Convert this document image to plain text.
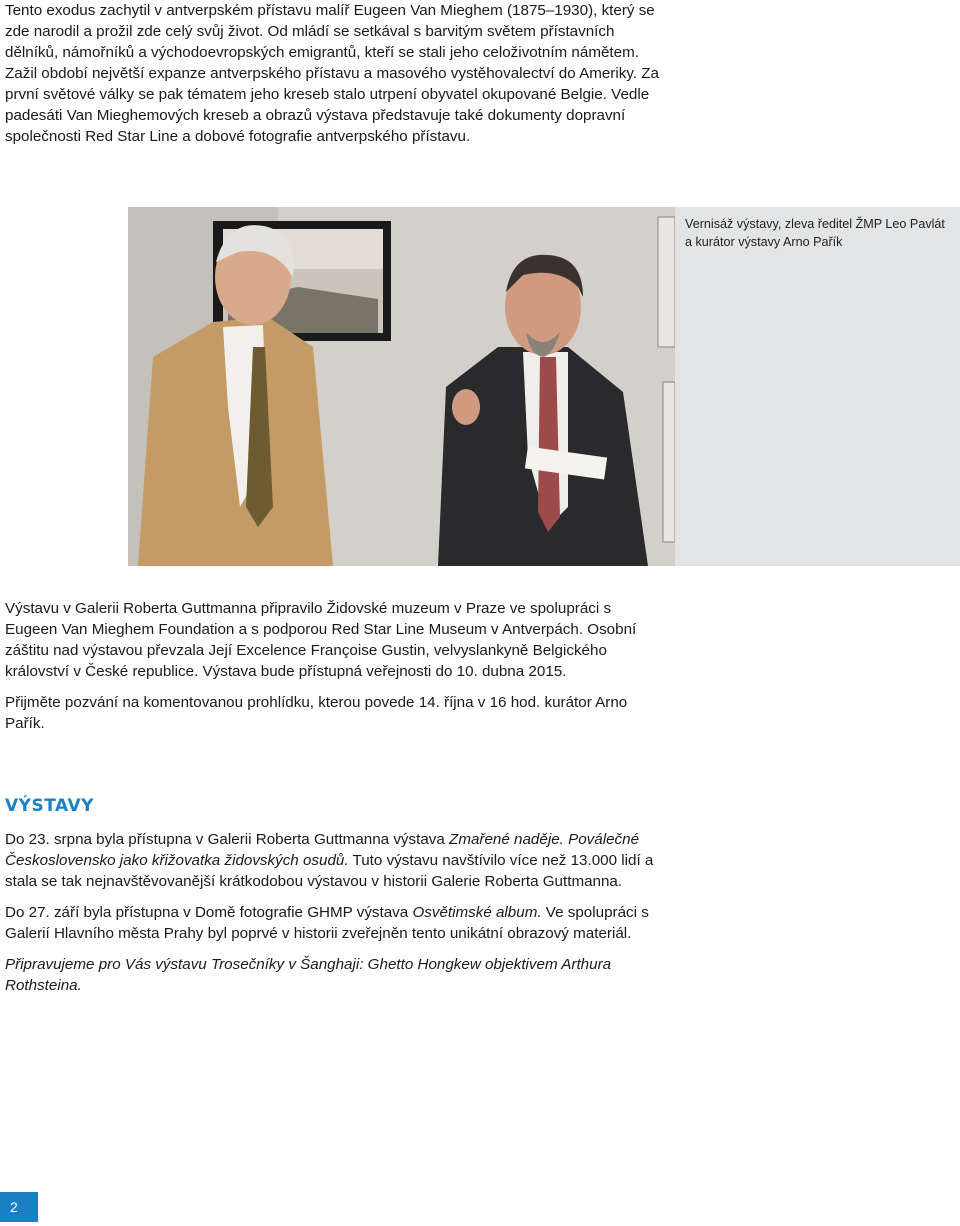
Tento exodus zachytil v antverpském přístavu malíř Eugeen Van Mieghem (1875–1930), který se zde narodil a prožil zde celý svůj život. Od mládí se setkával s barvitým světem přístavních dělníků, námořníků a východoevropských emigrantů, kteří se stali jeho celoživotním námětem. Zažil období největší expanze antverpského přístavu a masového vystěhovalectví do Ameriky. Za první světové války se pak tématem jeho kreseb stalo utrpení obyvatel okupované Belgie. Vedle padesáti Van Mieghemových kreseb a obrazů výstava představuje také dokumenty dopravní společnosti Red Star Line a dobové fotografie antverpského přístavu.

Vernisáž výstavy, zleva ředitel ŽMP Leo Pavlát a kurátor výstavy Arno Pařík

Výstavu v Galerii Roberta Guttmanna připravilo Židovské muzeum v Praze ve spolupráci s Eugeen Van Mieghem Foundation a s podporou Red Star Line Museum v Antverpách. Osobní záštitu nad výstavou převzala Její Excelence Françoise Gustin, velvyslankyně Belgického království v České republice. Výstava bude přístupná veřejnosti do 10. dubna 2015.

Přijměte pozvání na komentovanou prohlídku, kterou povede 14. října v 16 hod. kurátor Arno Pařík.

VÝSTAVY

Do 23. srpna byla přístupna v Galerii Roberta Guttmanna výstava Zmařené naděje. Poválečné Československo jako křižovatka židovských osudů. Tuto výstavu navštívilo více než 13.000 lidí a stala se tak nejnavštěvovanější krátkodobou výstavou v historii Galerie Roberta Guttmanna.

Do 27. září byla přístupna v Domě fotografie GHMP výstava Osvětimské album. Ve spolupráci s Galerií Hlavního města Prahy byl poprvé v historii zveřejněn tento unikátní obrazový materiál.

Připravujeme pro Vás výstavu Trosečníky v Šanghaji: Ghetto Hongkew objektivem Arthura Rothsteina.

2
